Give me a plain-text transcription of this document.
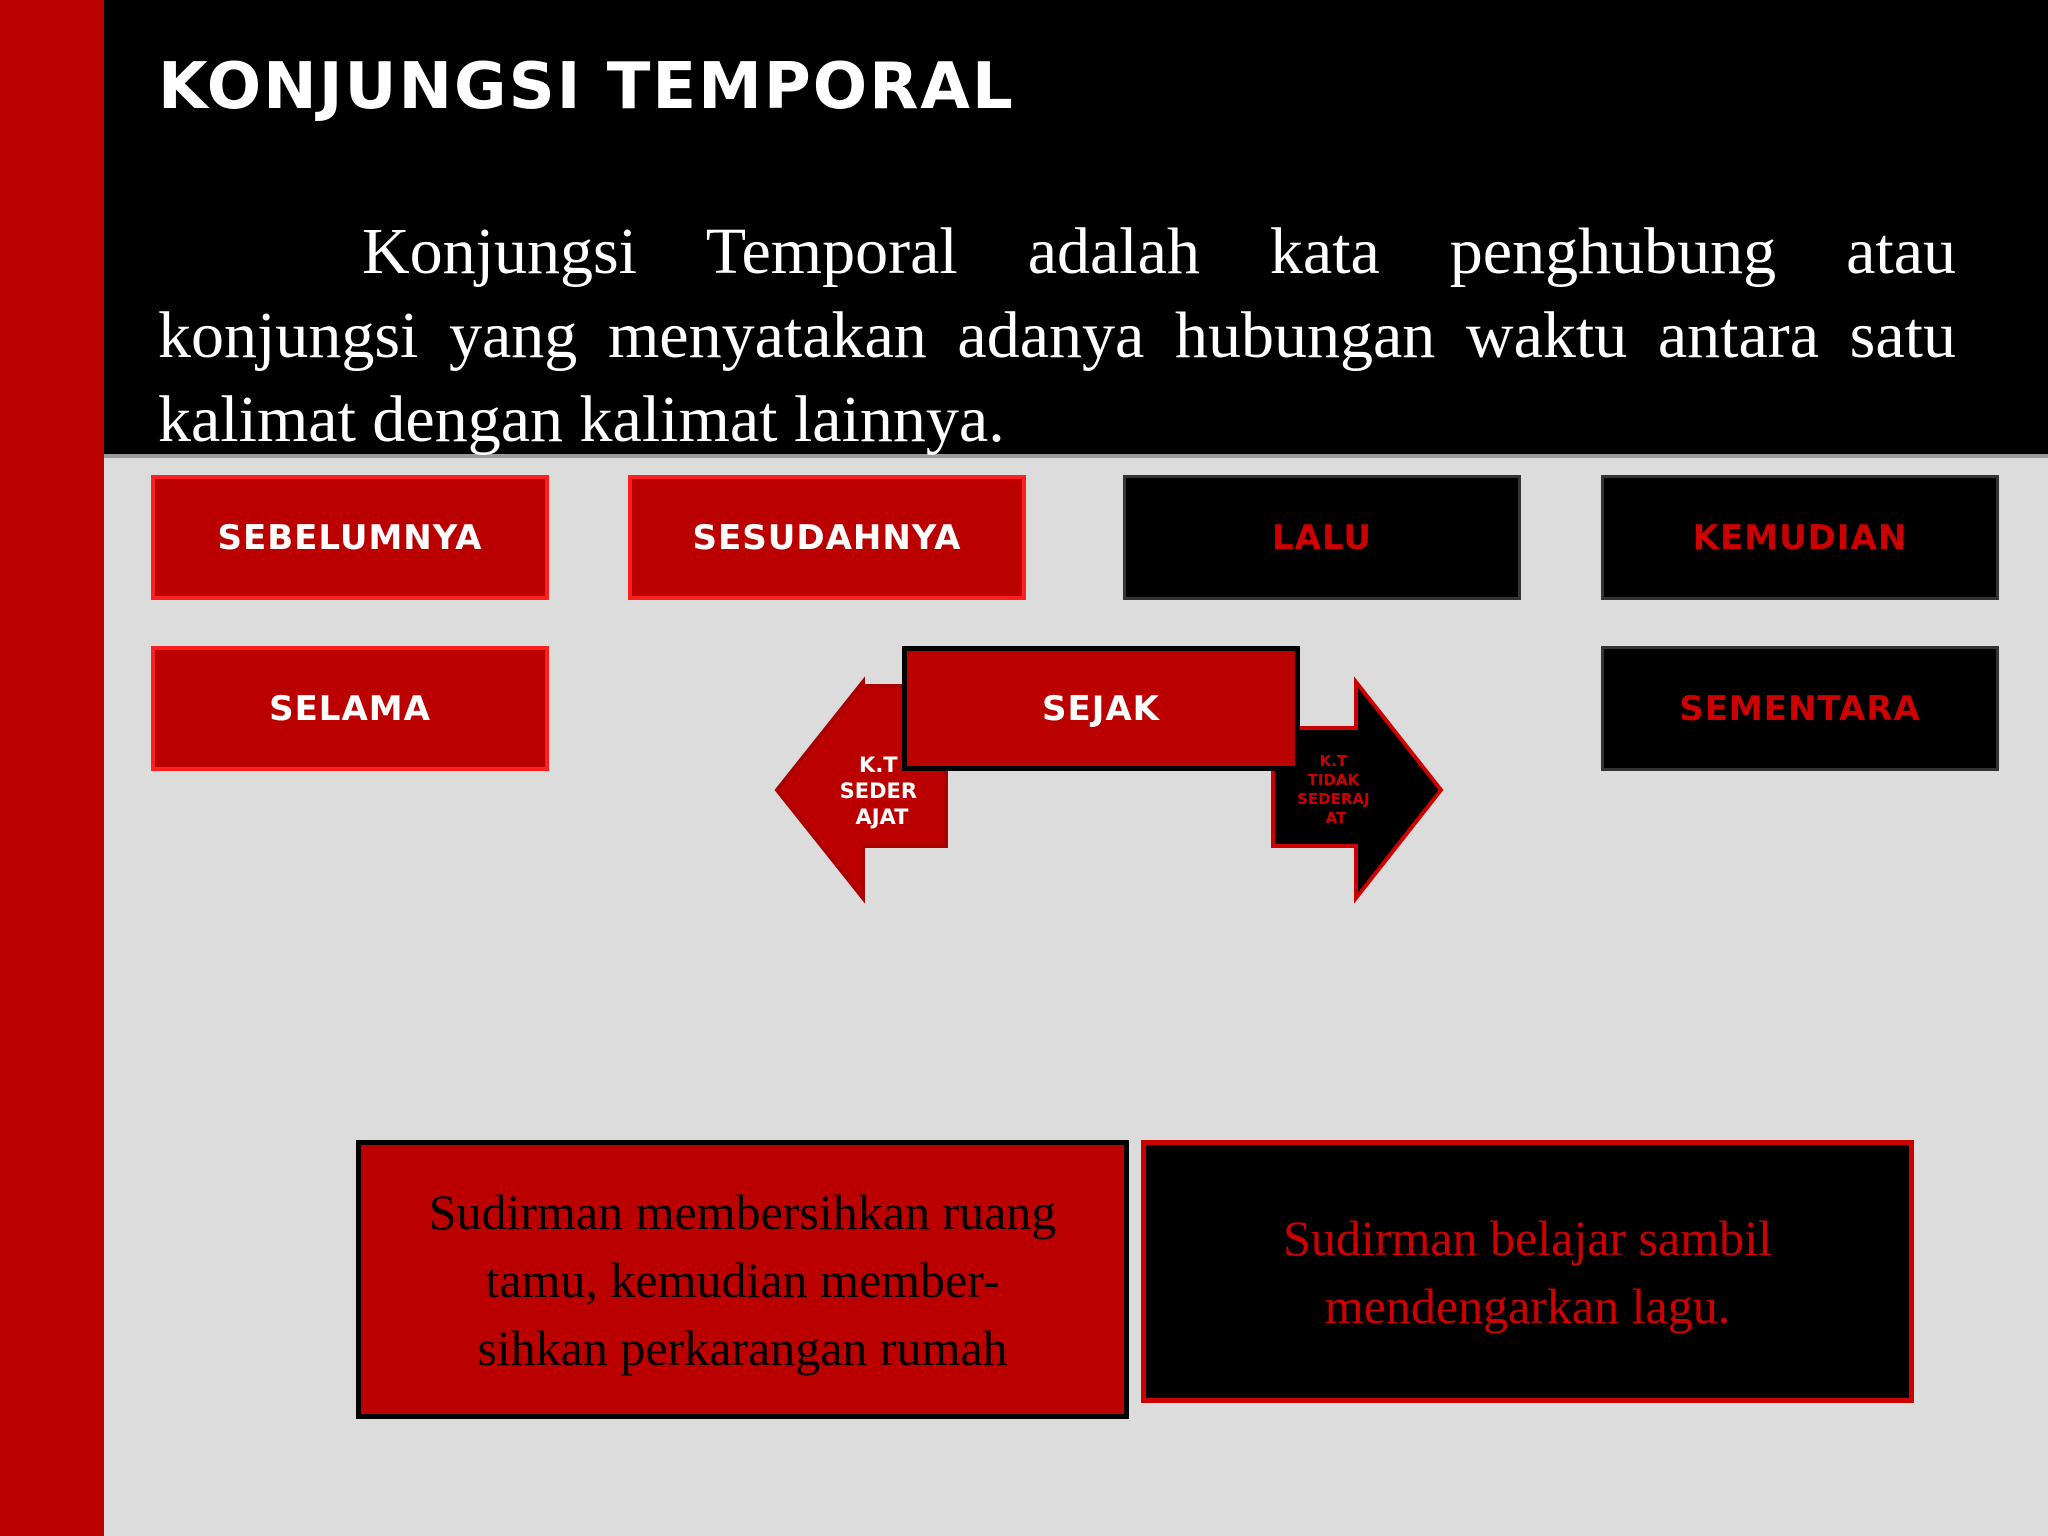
KONJUNGSI TEMPORAL

Konjungsi Temporal adalah kata penghubung atau konjungsi yang menyatakan adanya hubungan waktu antara satu kalimat dengan kalimat lainnya.

SEBELUMNYA	SESUDAHNYA	LALU	KEMUDIAN
SELAMA	SEMENTARA
K.T SEDER AJAT
K.T TIDAK SEDERAJ AT
SEJAK
Sudirman membersihkan ruang
tamu, kemudian member-
sihkan perkarangan rumah
Sudirman belajar sambil
mendengarkan lagu.
